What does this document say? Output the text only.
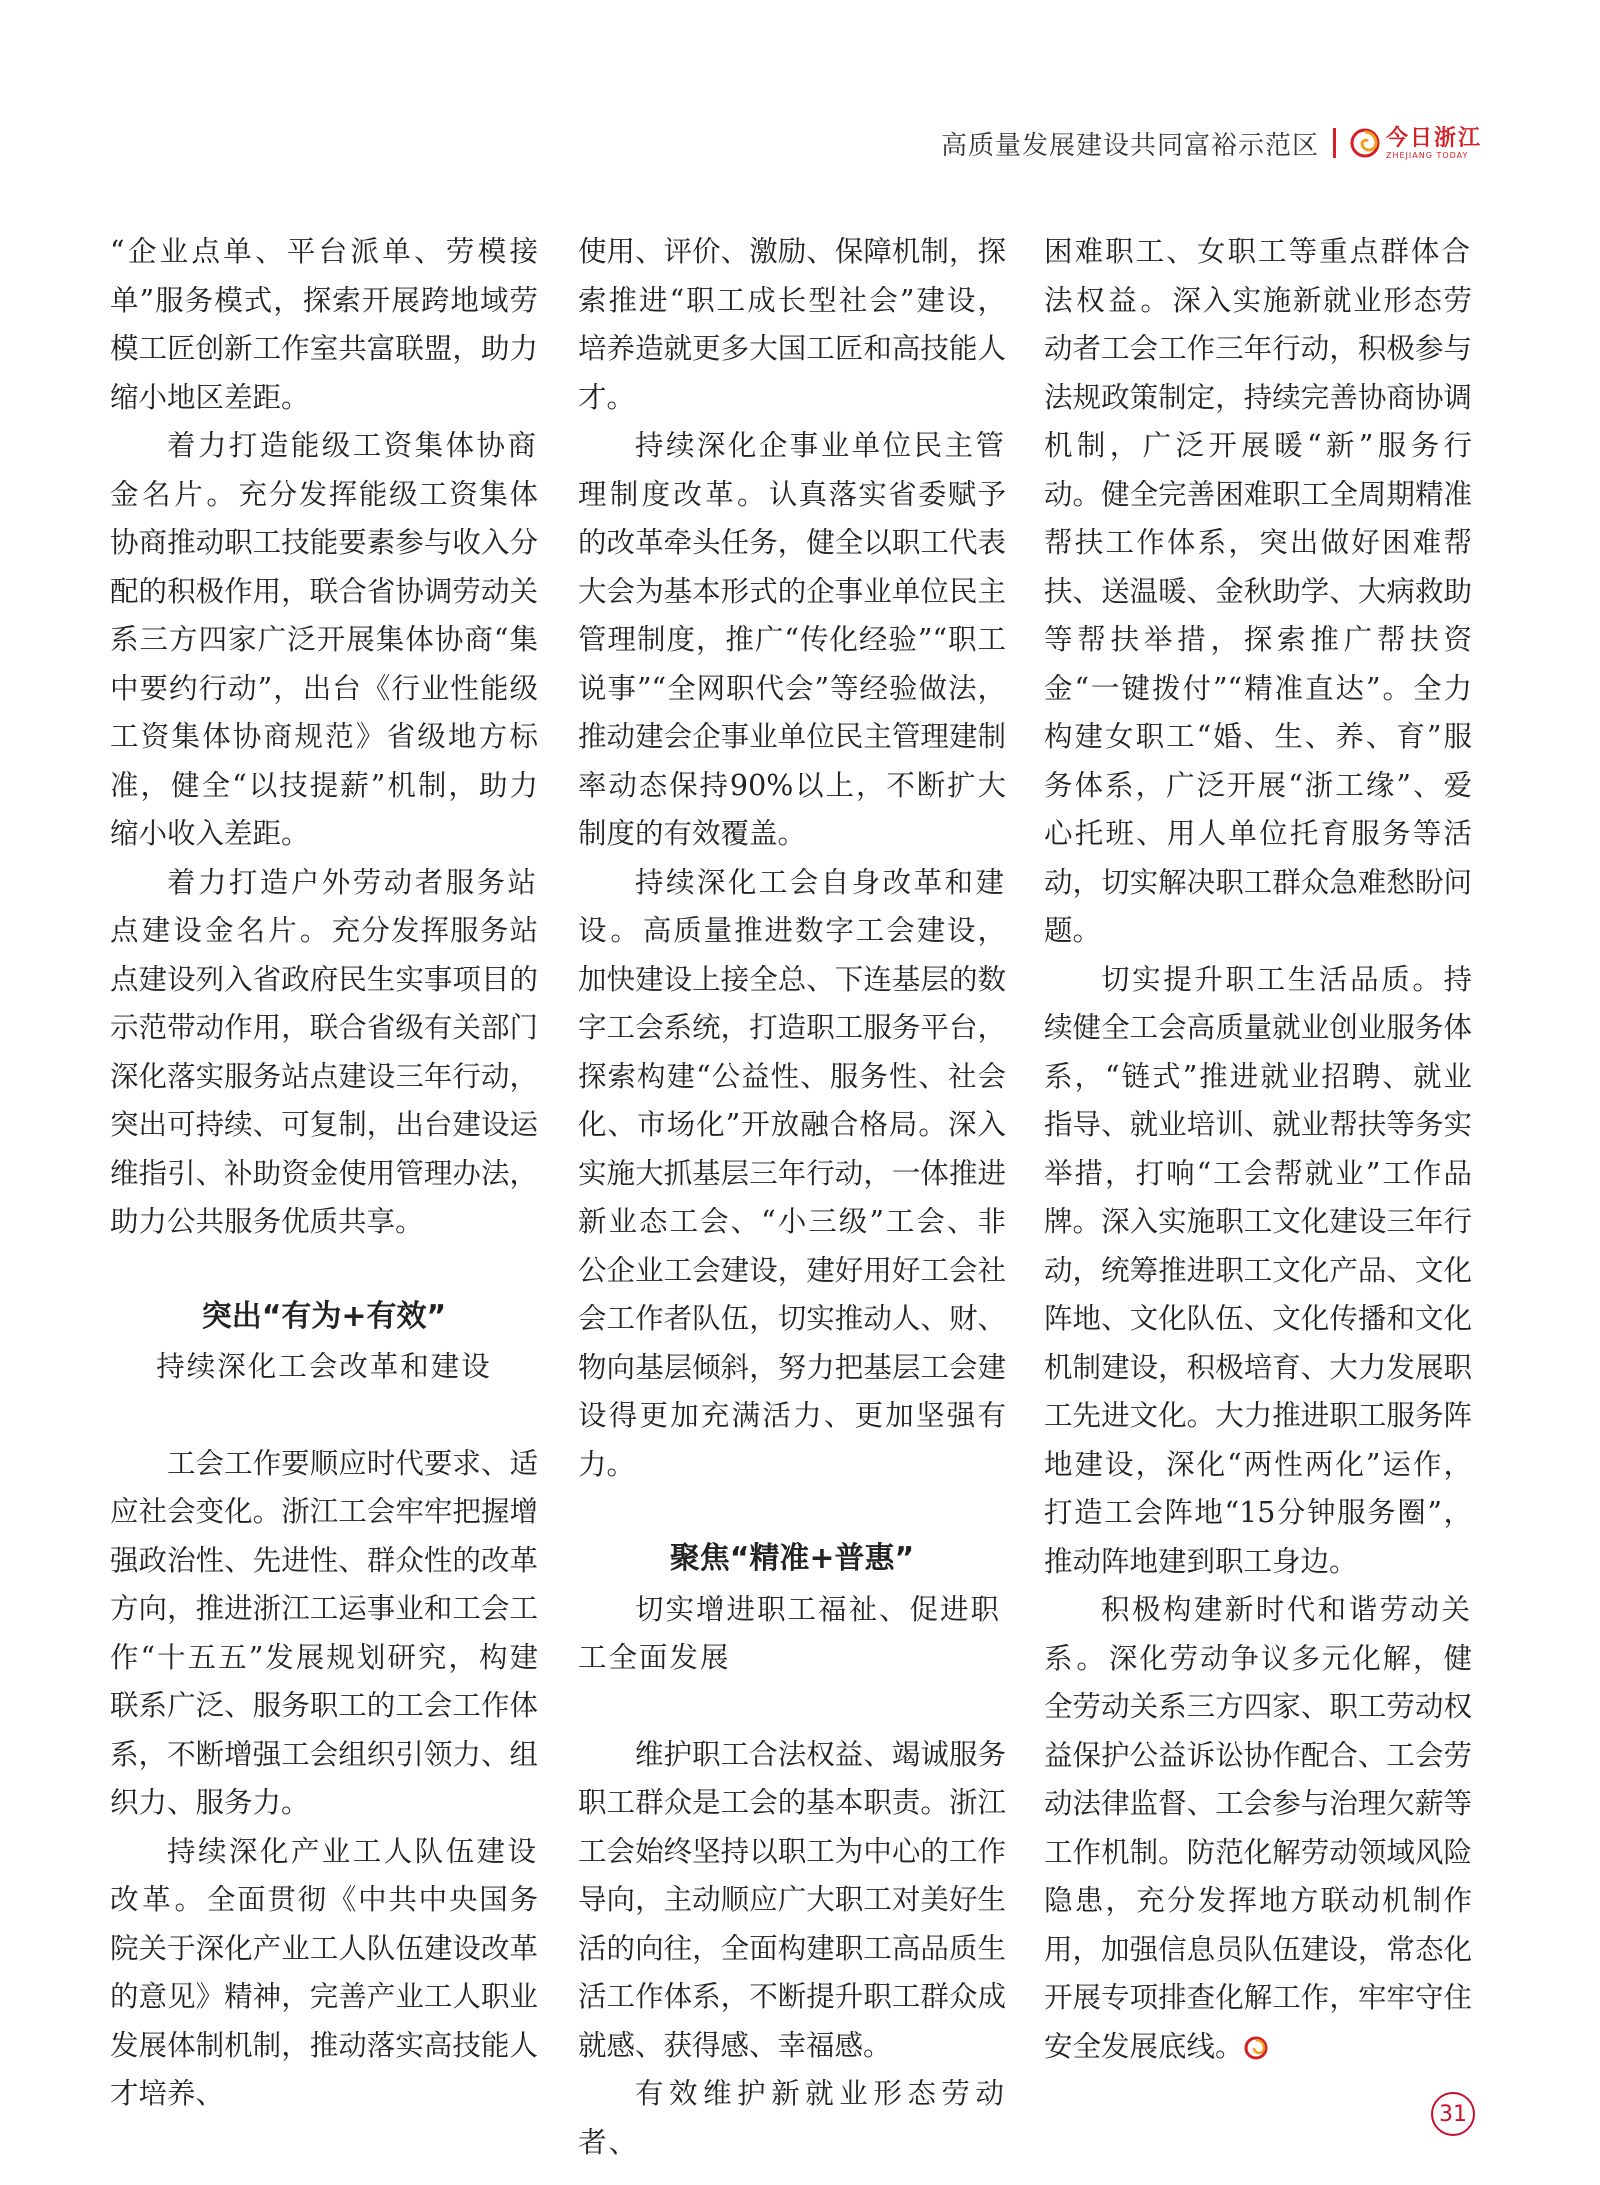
高质量发展建设共同富裕示范区	今日浙江
ZHEJIANG TODAY

“企业点单、平台派单、劳模接单”服务模式，探索开展跨地域劳模工匠创新工作室共富联盟，助力缩小地区差距。

着力打造能级工资集体协商金名片。充分发挥能级工资集体协商推动职工技能要素参与收入分配的积极作用，联合省协调劳动关系三方四家广泛开展集体协商“集中要约行动”，出台《行业性能级工资集体协商规范》省级地方标准，健全“以技提薪”机制，助力缩小收入差距。

着力打造户外劳动者服务站点建设金名片。充分发挥服务站点建设列入省政府民生实事项目的示范带动作用，联合省级有关部门深化落实服务站点建设三年行动，突出可持续、可复制，出台建设运维指引、补助资金使用管理办法，助力公共服务优质共享。

突出“有为+有效”
持续深化工会改革和建设

工会工作要顺应时代要求、适应社会变化。浙江工会牢牢把握增强政治性、先进性、群众性的改革方向，推进浙江工运事业和工会工作“十五五”发展规划研究，构建联系广泛、服务职工的工会工作体系，不断增强工会组织引领力、组织力、服务力。

持续深化产业工人队伍建设改革。全面贯彻《中共中央国务院关于深化产业工人队伍建设改革的意见》精神，完善产业工人职业发展体制机制，推动落实高技能人才培养、

使用、评价、激励、保障机制，探索推进“职工成长型社会”建设，培养造就更多大国工匠和高技能人才。

持续深化企事业单位民主管理制度改革。认真落实省委赋予的改革牵头任务，健全以职工代表大会为基本形式的企事业单位民主管理制度，推广“传化经验”“职工说事”“全网职代会”等经验做法，推动建会企事业单位民主管理建制率动态保持90%以上，不断扩大制度的有效覆盖。

持续深化工会自身改革和建设。高质量推进数字工会建设，加快建设上接全总、下连基层的数字工会系统，打造职工服务平台，探索构建“公益性、服务性、社会化、市场化”开放融合格局。深入实施大抓基层三年行动，一体推进新业态工会、“小三级”工会、非公企业工会建设，建好用好工会社会工作者队伍，切实推动人、财、物向基层倾斜，努力把基层工会建设得更加充满活力、更加坚强有力。

聚焦“精准+普惠”
切实增进职工福祉、促进职工全面发展

维护职工合法权益、竭诚服务职工群众是工会的基本职责。浙江工会始终坚持以职工为中心的工作导向，主动顺应广大职工对美好生活的向往，全面构建职工高品质生活工作体系，不断提升职工群众成就感、获得感、幸福感。

有效维护新就业形态劳动者、

困难职工、女职工等重点群体合法权益。深入实施新就业形态劳动者工会工作三年行动，积极参与法规政策制定，持续完善协商协调机制，广泛开展暖“新”服务行动。健全完善困难职工全周期精准帮扶工作体系，突出做好困难帮扶、送温暖、金秋助学、大病救助等帮扶举措，探索推广帮扶资金“一键拨付”“精准直达”。全力构建女职工“婚、生、养、育”服务体系，广泛开展“浙工缘”、爱心托班、用人单位托育服务等活动，切实解决职工群众急难愁盼问题。

切实提升职工生活品质。持续健全工会高质量就业创业服务体系，“链式”推进就业招聘、就业指导、就业培训、就业帮扶等务实举措，打响“工会帮就业”工作品牌。深入实施职工文化建设三年行动，统筹推进职工文化产品、文化阵地、文化队伍、文化传播和文化机制建设，积极培育、大力发展职工先进文化。大力推进职工服务阵地建设，深化“两性两化”运作，打造工会阵地“15分钟服务圈”，推动阵地建到职工身边。

积极构建新时代和谐劳动关系。深化劳动争议多元化解，健全劳动关系三方四家、职工劳动权益保护公益诉讼协作配合、工会劳动法律监督、工会参与治理欠薪等工作机制。防范化解劳动领域风险隐患，充分发挥地方联动机制作用，加强信息员队伍建设，常态化开展专项排查化解工作，牢牢守住安全发展底线。

31
